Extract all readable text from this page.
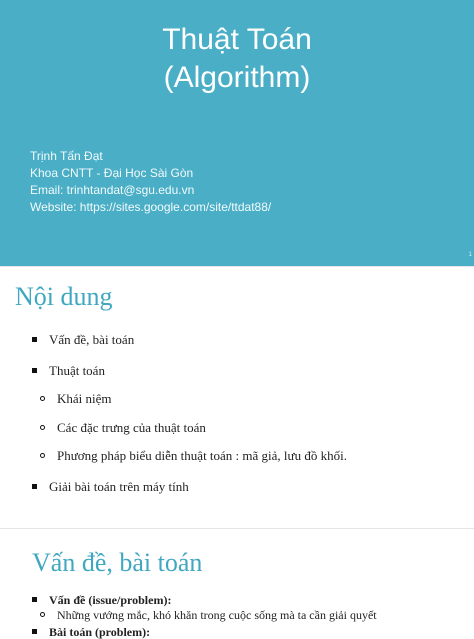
Thuật Toán
(Algorithm)
Trịnh Tấn Đạt
Khoa CNTT - Đại Học Sài Gòn
Email: trinhtandat@sgu.edu.vn
Website: https://sites.google.com/site/ttdat88/
1
Nội dung
Vấn đề, bài toán
Thuật toán
Khái niệm
Các đặc trưng của thuật toán
Phương pháp biểu diễn thuật toán : mã giả, lưu đồ khối.
Giải bài toán trên máy tính
Vấn đề, bài toán
Vấn đề (issue/problem):
Những vướng mắc, khó khăn trong cuộc sống mà ta cần giải quyết
Bài toán (problem):
